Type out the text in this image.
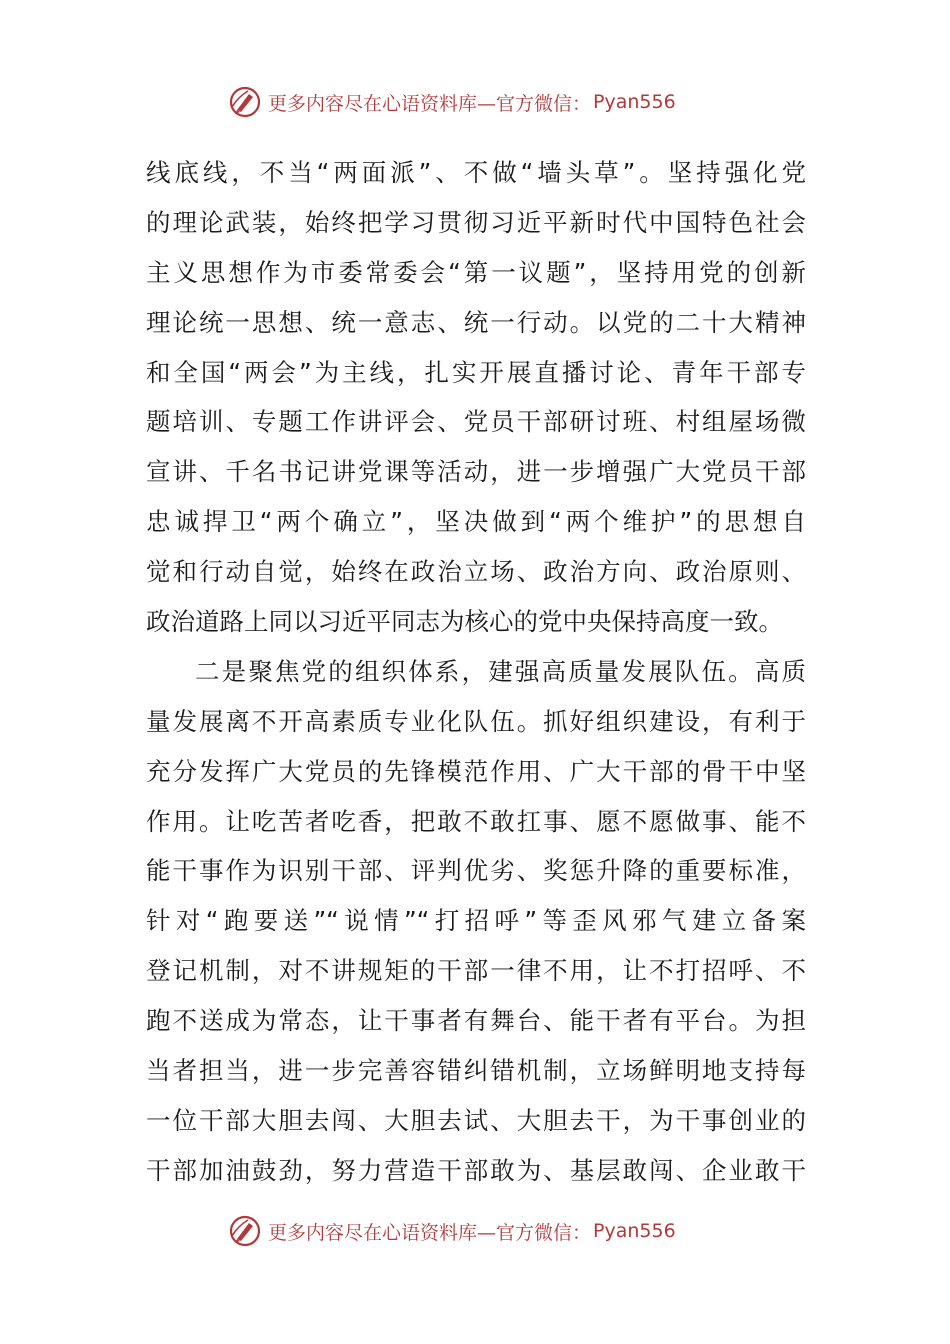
更多内容尽在心语资料库—官方微信： Pyan556
线底线，不当“两面派”、不做“墙头草”。坚持强化党
的理论武装，始终把学习贯彻习近平新时代中国特色社会
主义思想作为市委常委会“第一议题”，坚持用党的创新
理论统一思想、统一意志、统一行动。以党的二十大精神
和全国“两会”为主线，扎实开展直播讨论、青年干部专
题培训、专题工作讲评会、党员干部研讨班、村组屋场微
宣讲、千名书记讲党课等活动，进一步增强广大党员干部
忠诚捍卫“两个确立”，坚决做到“两个维护”的思想自
觉和行动自觉，始终在政治立场、政治方向、政治原则、
政治道路上同以习近平同志为核心的党中央保持高度一致。
二是聚焦党的组织体系，建强高质量发展队伍。高质
量发展离不开高素质专业化队伍。抓好组织建设，有利于
充分发挥广大党员的先锋模范作用、广大干部的骨干中坚
作用。让吃苦者吃香，把敢不敢扛事、愿不愿做事、能不
能干事作为识别干部、评判优劣、奖惩升降的重要标准，
针对“跑要送”“说情”“打招呼”等歪风邪气建立备案
登记机制，对不讲规矩的干部一律不用，让不打招呼、不
跑不送成为常态，让干事者有舞台、能干者有平台。为担
当者担当，进一步完善容错纠错机制，立场鲜明地支持每
一位干部大胆去闯、大胆去试、大胆去干，为干事创业的
干部加油鼓劲，努力营造干部敢为、基层敢闯、企业敢干
更多内容尽在心语资料库—官方微信： Pyan556
